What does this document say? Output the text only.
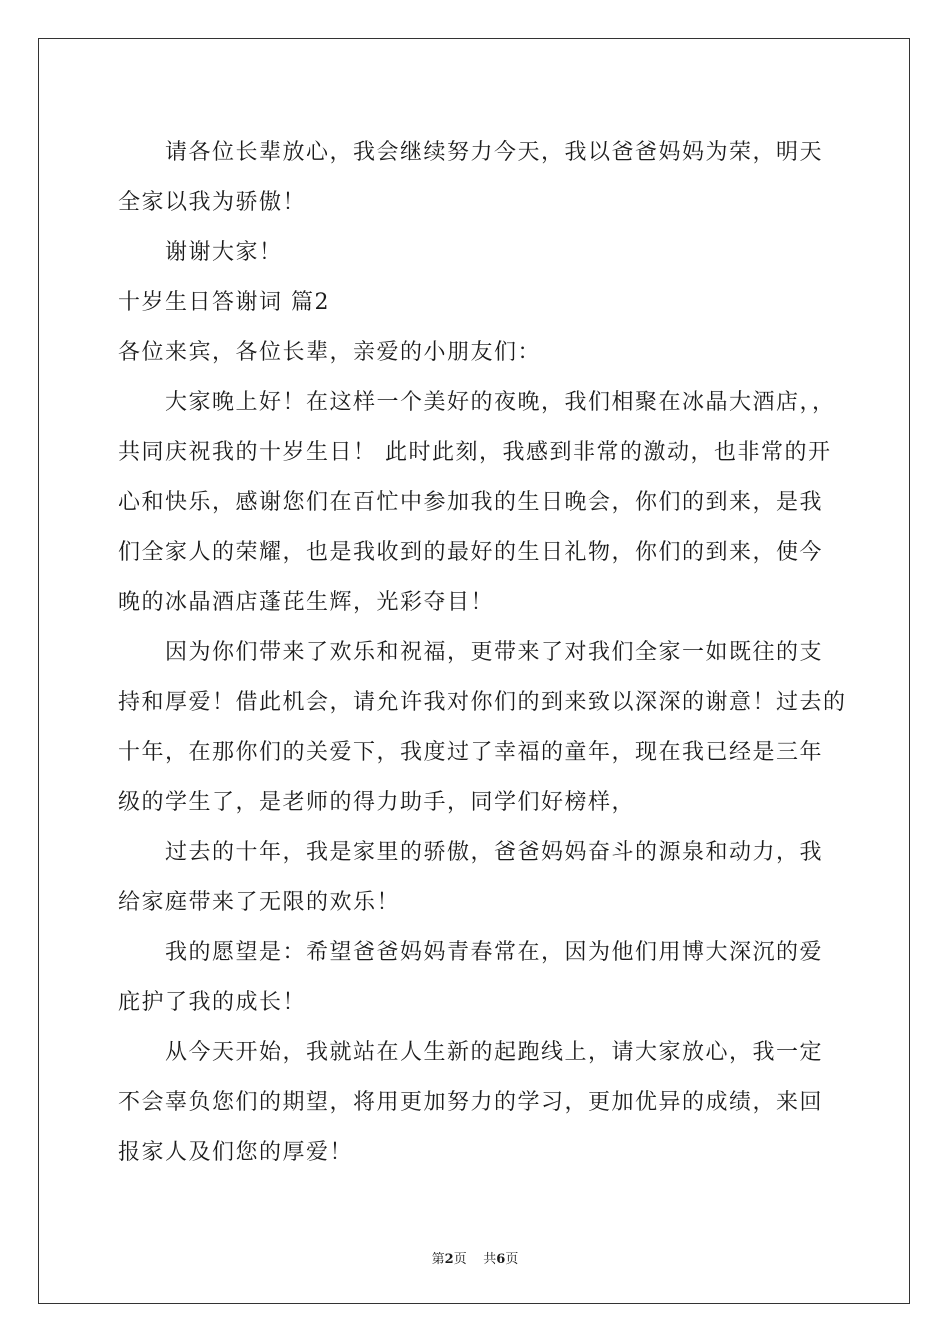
请各位长辈放心，我会继续努力今天，我以爸爸妈妈为荣，明天
全家以我为骄傲！
谢谢大家！
十岁生日答谢词 篇2
各位来宾，各位长辈，亲爱的小朋友们：
大家晚上好！在这样一个美好的夜晚，我们相聚在冰晶大酒店，，
共同庆祝我的十岁生日！ 此时此刻，我感到非常的激动，也非常的开
心和快乐，感谢您们在百忙中参加我的生日晚会，你们的到来，是我
们全家人的荣耀，也是我收到的最好的生日礼物，你们的到来，使今
晚的冰晶酒店蓬芘生辉，光彩夺目！
因为你们带来了欢乐和祝福，更带来了对我们全家一如既往的支
持和厚爱！借此机会，请允许我对你们的到来致以深深的谢意！过去的
十年，在那你们的关爱下，我度过了幸福的童年，现在我已经是三年
级的学生了，是老师的得力助手，同学们好榜样，
过去的十年，我是家里的骄傲，爸爸妈妈奋斗的源泉和动力，我
给家庭带来了无限的欢乐！
我的愿望是：希望爸爸妈妈青春常在，因为他们用博大深沉的爱
庇护了我的成长！
从今天开始，我就站在人生新的起跑线上，请大家放心，我一定
不会辜负您们的期望，将用更加努力的学习，更加优异的成绩，来回
报家人及们您的厚爱！
第2页 共6页
